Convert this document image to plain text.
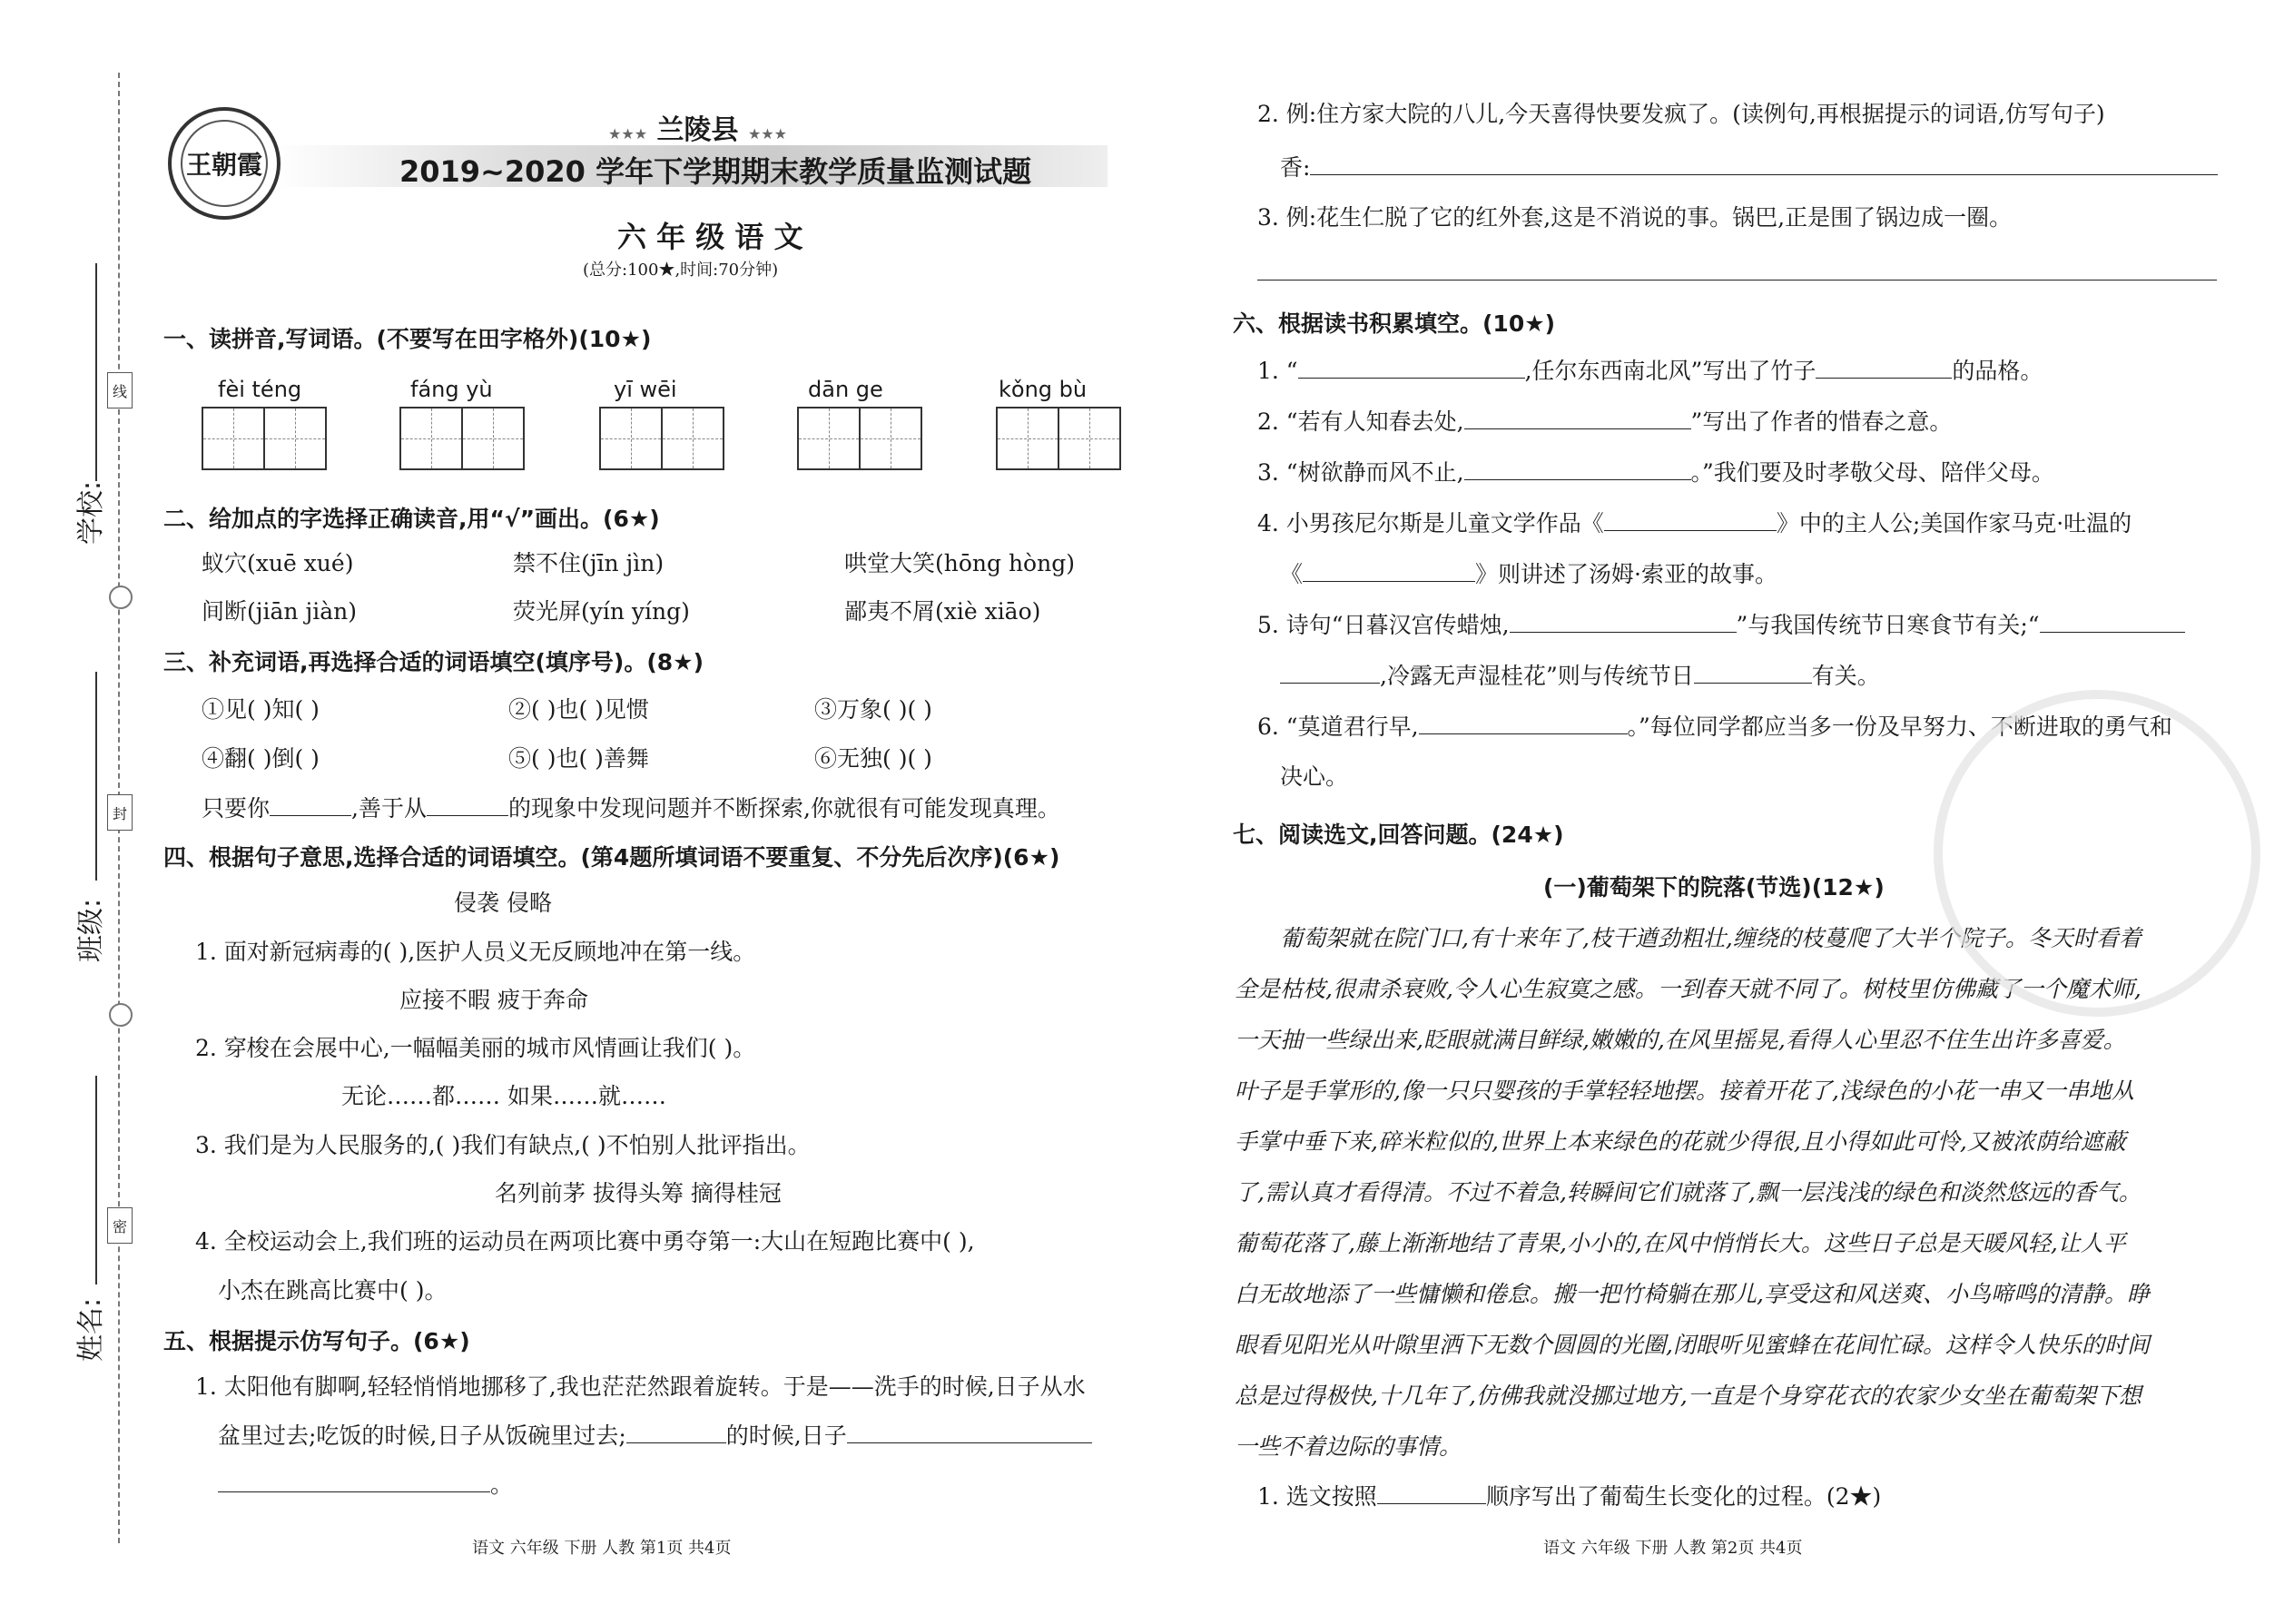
线
封
密
学校:
班级:
姓名:
王朝霞
★★★ 兰陵县 ★★★
2019~2020 学年下学期期末教学质量监测试题
六 年 级 语 文
(总分:100★,时间:70分钟)
一、读拼音,写词语。(不要写在田字格外)(10★)
fèi téng	fáng yù	yī wēi	dān ge	kǒng bù
二、给加点的字选择正确读音,用“√”画出。(6★)
蚁穴(xuē xué)	禁不住(jīn jìn)	哄堂大笑(hōng hòng)
间断(jiān jiàn)	荧光屏(yín yíng)	鄙夷不屑(xiè xiāo)
三、补充词语,再选择合适的词语填空(填序号)。(8★)
①见( )知( )	②( )也( )见惯	③万象( )( )
④翻( )倒( )	⑤( )也( )善舞	⑥无独( )( )
只要你	,善于从	的现象中发现问题并不断探索,你就很有可能发现真理。
四、根据句子意思,选择合适的词语填空。(第4题所填词语不要重复、不分先后次序)(6★)
侵袭 侵略
1. 面对新冠病毒的( ),医护人员义无反顾地冲在第一线。
应接不暇 疲于奔命
2. 穿梭在会展中心,一幅幅美丽的城市风情画让我们( )。
无论……都…… 如果……就……
3. 我们是为人民服务的,( )我们有缺点,( )不怕别人批评指出。
名列前茅 拔得头筹 摘得桂冠
4. 全校运动会上,我们班的运动员在两项比赛中勇夺第一:大山在短跑比赛中( ),
小杰在跳高比赛中( )。
五、根据提示仿写句子。(6★)
1. 太阳他有脚啊,轻轻悄悄地挪移了,我也茫茫然跟着旋转。于是——洗手的时候,日子从水
盆里过去;吃饭的时候,日子从饭碗里过去;	的时候,日子
。
2. 例:住方家大院的八儿,今天喜得快要发疯了。(读例句,再根据提示的词语,仿写句子)
香:
3. 例:花生仁脱了它的红外套,这是不消说的事。锅巴,正是围了锅边成一圈。
六、根据读书积累填空。(10★)
1. “	,任尔东西南北风”写出了竹子	的品格。
2. “若有人知春去处,	”写出了作者的惜春之意。
3. “树欲静而风不止,	。”我们要及时孝敬父母、陪伴父母。
4. 小男孩尼尔斯是儿童文学作品《	》中的主人公;美国作家马克·吐温的
《	》则讲述了汤姆·索亚的故事。
5. 诗句“日暮汉宫传蜡烛,	”与我国传统节日寒食节有关;“
,冷露无声湿桂花”则与传统节日	有关。
6. “莫道君行早,	。”每位同学都应当多一份及早努力、不断进取的勇气和
决心。
七、阅读选文,回答问题。(24★)
(一)葡萄架下的院落(节选)(12★)
葡萄架就在院门口,有十来年了,枝干遒劲粗壮,缠绕的枝蔓爬了大半个院子。冬天时看着
全是枯枝,很肃杀衰败,令人心生寂寞之感。一到春天就不同了。树枝里仿佛藏了一个魔术师,
一天抽一些绿出来,眨眼就满目鲜绿,嫩嫩的,在风里摇晃,看得人心里忍不住生出许多喜爱。
叶子是手掌形的,像一只只婴孩的手掌轻轻地摆。接着开花了,浅绿色的小花一串又一串地从
手掌中垂下来,碎米粒似的,世界上本来绿色的花就少得很,且小得如此可怜,又被浓荫给遮蔽
了,需认真才看得清。不过不着急,转瞬间它们就落了,飘一层浅浅的绿色和淡然悠远的香气。
葡萄花落了,藤上渐渐地结了青果,小小的,在风中悄悄长大。这些日子总是天暖风轻,让人平
白无故地添了一些慵懒和倦怠。搬一把竹椅躺在那儿,享受这和风送爽、小鸟啼鸣的清静。睁
眼看见阳光从叶隙里洒下无数个圆圆的光圈,闭眼听见蜜蜂在花间忙碌。这样令人快乐的时间
总是过得极快,十几年了,仿佛我就没挪过地方,一直是个身穿花衣的农家少女坐在葡萄架下想
一些不着边际的事情。
1. 选文按照	顺序写出了葡萄生长变化的过程。(2★)
语文 六年级 下册 人教 第1页 共4页	语文 六年级 下册 人教 第2页 共4页
